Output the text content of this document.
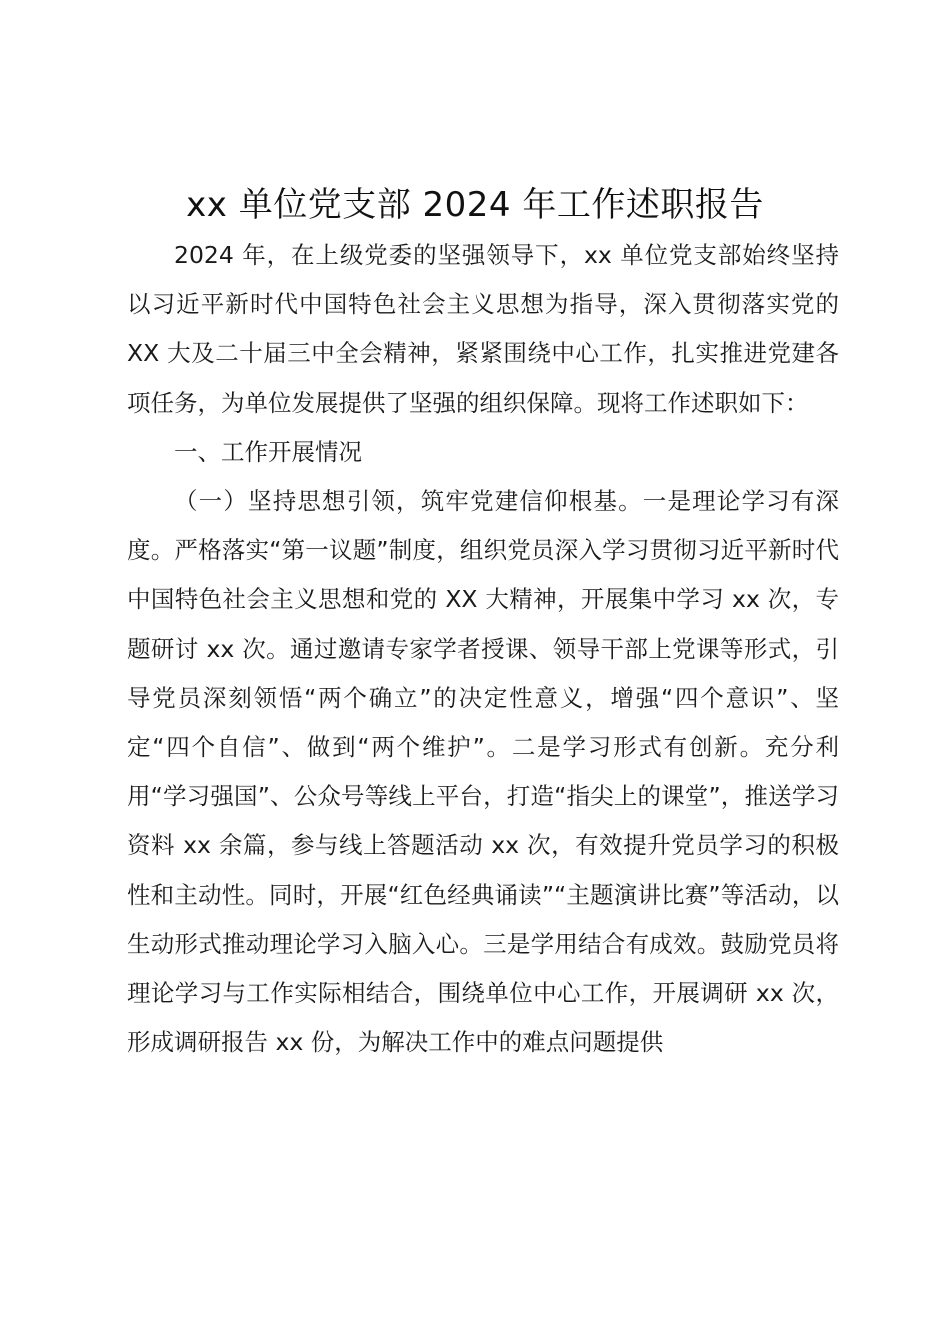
xx 单位党支部 2024 年工作述职报告

2024 年，在上级党委的坚强领导下，xx 单位党支部始终坚持以习近平新时代中国特色社会主义思想为指导，深入贯彻落实党的 XX 大及二十届三中全会精神，紧紧围绕中心工作，扎实推进党建各项任务，为单位发展提供了坚强的组织保障。现将工作述职如下：

一、工作开展情况

（一）坚持思想引领，筑牢党建信仰根基。一是理论学习有深度。严格落实“第一议题”制度，组织党员深入学习贯彻习近平新时代中国特色社会主义思想和党的 XX 大精神，开展集中学习 xx 次，专题研讨 xx 次。通过邀请专家学者授课、领导干部上党课等形式，引导党员深刻领悟“两个确立”的决定性意义，增强“四个意识”、坚定“四个自信”、做到“两个维护”。二是学习形式有创新。充分利用“学习强国”、公众号等线上平台，打造“指尖上的课堂”，推送学习资料 xx 余篇，参与线上答题活动 xx 次，有效提升党员学习的积极性和主动性。同时，开展“红色经典诵读”“主题演讲比赛”等活动，以生动形式推动理论学习入脑入心。三是学用结合有成效。鼓励党员将理论学习与工作实际相结合，围绕单位中心工作，开展调研 xx 次，形成调研报告 xx 份，为解决工作中的难点问题提供
